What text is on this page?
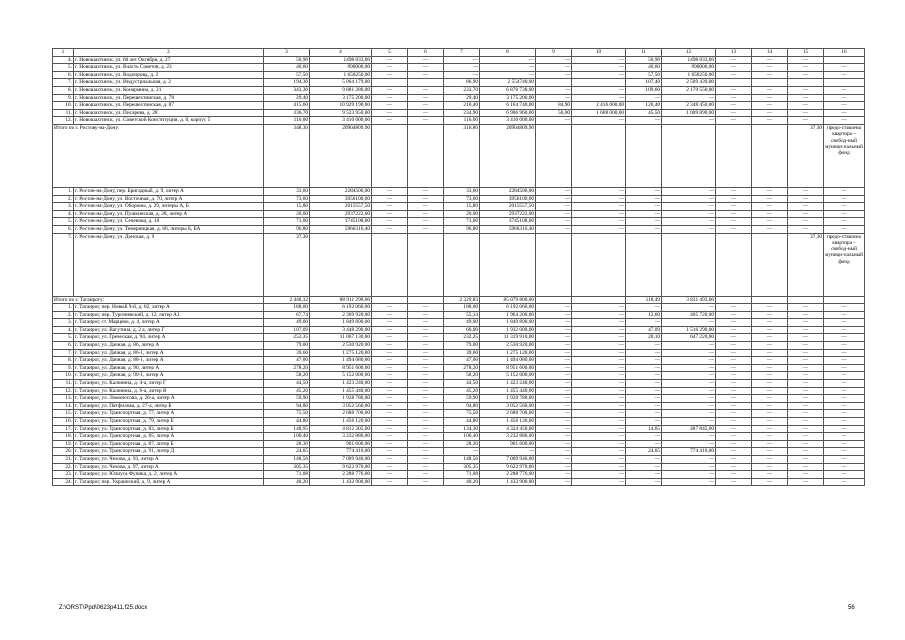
1	2	3	4	5	6	7	8	9	10	11	12	13	14	15	16
4.	г. Новошахтинск, ул. 60 лет Октября, д. 27	56,90	1498 833,00	—	—	—	—	—	—	56,90	1498 833,00	—	—	—	
5.	г. Новошахтинск, ул. Власть Советов, д. 23	40,60	990000,00	—	—	—	—	—	—	40,60	990000,00	—	—	—	—
6.	г. Новошахтинск, ул. Водопровд, д. 2	57,50	1 650250,00	—	—	—	—	—	—	57,50	1 650250,00	—	—	—	—
7.	г. Новошахтинск, ул. Индустриальная, д. 2	194,30	5 064 179,00			86,90	2 554740,00			107,40	2 509 439,00				
8.	г. Новошахтинск, ул. Конармина, д. 21	343,30	9 881 280,00	—	—	233,70	6 870 730,00	—	—	109,60	2 170 550,00	—	—	—	—
9.	г. Новошахтинск, ул. Перешехтинская, д. 78	29,40	3 175 200,00	—	—	29,40	3 175 200,00	—	—	—	—	—	—	—	—
10.	г. Новошахтинск, ул. Перешехтинская, д. 87	415,60	10 929 190,00	—	—	210,40	6 164 740,00	84,90	2 416 000,00	120,40	2 348 450,00	—	—	—	—
11.	г. Новошахтинск, ул. Писарева, д. 28	336,70	9 523 950,00	—	—	234,90	6 906 960,00	56,00	1 608 000,00	45,50	1 009 890,00	—	—	—	—
12.	г. Новошахтинск, ул. Советской Конституции, д. 8, корпус 5	116,00	3 410 000,00	—	—	116,00	3 410 000,00	—	—	—	—	—	—	—	—
Итого по г. Ростову-на-Дону:		348,30	20904809,90			310,80	20904809,90							37,30	предо-ставлена квартира – свобод-ный муници-пальный фонд
1.	г. Ростов-на-Дону, пер. Бригадный, д. 9, литер А	33,60	2284506,00	—	—	33,60	2284506,00	—	—	—	—	—	—	—	—
2.	г. Ростов-на-Дону, ул. Восточная, д. 70, литер А	73,60	3956100,00	—	—	73,60	3956100,00	—	—	—	—	—	—	—	—
3.	г. Ростов-на-Дону, ул. Обороны, д. 29, литеры А, Б	15,80	2015557,50	—	—	15,80	2015557,50	—	—	—	—	—	—	—	—
4.	г. Ростов-на-Дону, ул. Пушкинская, д. 28, литер А	20,00	2937222,00	—	—	20,00	2937222,00	—	—	—	—	—	—	—	—
5.	г. Ростов-на-Дону, ул. Сеченова, д. 10	71,00	3745108,00	—	—	71,00	3745108,00	—	—	—	—	—	—	—	—
6.	г. Ростов-на-Дону, ул. Темерницкая, д. 66, литеры Б, БА	96,80	5966316,40	—	—	96,80	5966316,40	—	—	—	—	—	—	—	—
7.	г. Ростов-на-Дону, ул. Донская, д. 9	37,30												37,30	предо-ставлена квартира – свобод-ный муници-пальный фонд
Итого по г. Таганрогу:		2 448,32	88 911 298,00			2 329,83	85 079 800,00			118,49	3 831 493,00				
1.	г. Таганрог, пер. Новый 9-й, д. 82, литер А	188,00	6 192 060,00	—	—	188,00	6 192 060,00	—	—	—	—	—	—	—	—
2.	г. Таганрог, пер. Тургеневский, д. 12, литер А1	67,74	2 369 920,00	—	—	55,14	1 964 200,00	—	—	12,60	405 720,00	—	—	—	—
3.	г. Таганрог, ст. Марцево, д. 4, литер А	49,00	1 849 890,00	—	—	49,00	1 849 890,00	—	—	—	—	—	—	—	—
4.	г. Таганрог, ул. Вагутина, д. 2 а, литер Г	107,09	3 448 290,00	—	—	60,00	1 932 000,00	—	—	47,09	1 516 290,00	—	—	—	—
5.	г. Таганрог, ул. Греческая, д. 94, литер А	252,35	11 067 130,00	—	—	232,25	11 319 910,00	—	—	20,10	647 220,00	—	—	—	—
6.	г. Таганрог, ул. Дачная, д. 86, литер А	79,00	2 530 920,00	—	—	79,00	2 530 920,00	—	—	—	—	—	—	—	—
7.	г. Таганрог, ул. Дачная, д. 86-1, литер А	39,60	1 275 120,00	—	—	39,60	1 275 120,00	—	—	—	—	—	—	—	—
8.	г. Таганрог, ул. Дачная, д. 88-1, литер А	47,00	1 494 080,00	—	—	47,00	1 494 080,00	—	—	—	—	—	—	—	—
9.	г. Таганрог, ул. Дачная, д. 90, литер А	278,20	8 951 600,00	—	—	278,20	8 951 600,00	—	—	—	—	—	—	—	—
10.	г. Таганрог, ул. Дачная, д. 90-1, литер А	58,20	5 152 000,00	—	—	58,20	5 152 000,00	—	—	—	—	—	—	—	—
11.	г. Таганрог, ул. Калинина, д. 4-а, литер Г	44,50	1 423 240,00	—	—	44,50	1 423 240,00	—	—	—	—	—	—	—	—
12.	г. Таганрог, ул. Калинина, д. 6-а, литер В	45,20	1 455 440,00	—	—	45,20	1 455 440,00	—	—	—	—	—	—	—	—
13.	г. Таганрог, ул. Ломоносова, д. 26-а, литер А	59,90	1 928 780,00	—	—	59,90	1 928 780,00	—	—	—	—	—	—	—	—
14.	г. Таганрог, ул. Пятфилова, д. 27-а, литер Б	94,80	3 052 560,00	—	—	94,80	3 052 560,00	—	—	—	—	—	—	—	—
15.	г. Таганрог, ул. Транспортная, д. 77, литер А	75,50	2 688 700,00	—	—	75,50	2 688 700,00	—	—	—	—	—	—	—	—
16.	г. Таганрог, ул. Транспортная, д. 79, литер Е	44,80	1 456 120,00	—	—	44,80	1 456 120,00	—	—	—	—	—	—	—	—
17.	г. Таганрог, ул. Транспортная, д. 83, литер Б	148,95	4 812 305,00	—	—	134,30	4 324 450,00	—	—	14,65	487 845,00	—	—	—	—
18.	г. Таганрог, ул. Транспортная, д. 85, литер А	100,40	3 232 880,00	—	—	100,40	3 232 880,00	—	—	—	—	—	—	—	—
19.	г. Таганрог, ул. Транспортная, д. 87, литер Б	28,30	901 600,00	—	—	28,30	901 600,00	—	—	—	—	—	—	—	—
20.	г. Таганрог, ул. Транспортная, д. 91, литер Д	24,05	774 410,00	—	—	—	—	—	—	24,05	774 410,00	—	—	—	—
21.	г. Таганрог, ул. Чехова, д. 93, литер А	148,56	7 009 940,00	—	—	148,56	7 009 940,00	—	—	—	—	—	—	—	—
22.	г. Таганрог, ул. Чехова, д. 97, литер А	305,35	9 622 970,00	—	—	305,35	9 622 970,00	—	—	—	—	—	—	—	—
23.	г. Таганрог, ул. Юлиуса Фучика, д. 2, литер А	71,08	2 288 776,00	—	—	71,08	2 288 776,00	—	—	—	—	—	—	—	—
24.	г. Таганрог, пер. Украинский, д. 9, литер А	40,20	1 432 900,00	—	—	40,20	1 432 900,00	—	—	—	—	—	—	—	—
Z:\ORST\Ppd\0623p411.f25.docx	56
